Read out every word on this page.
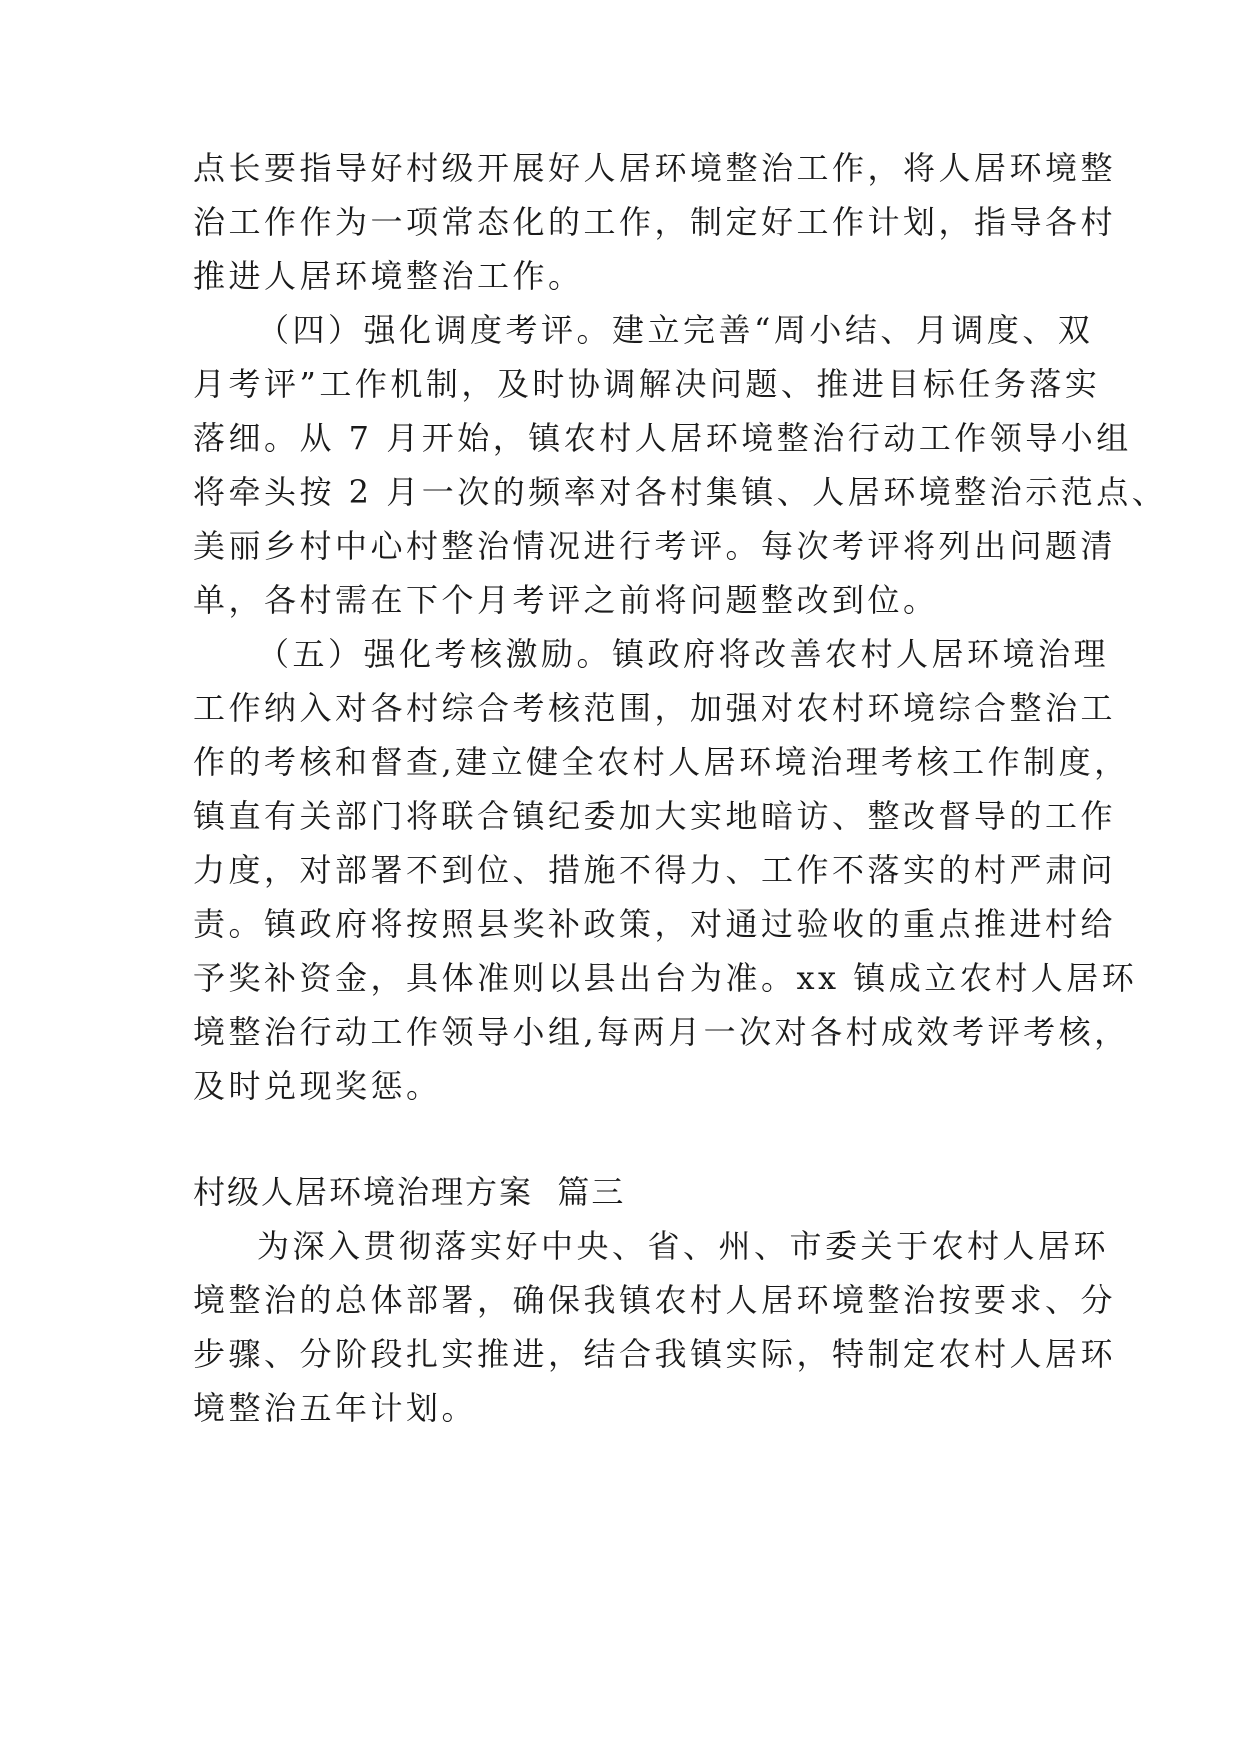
点长要指导好村级开展好人居环境整治工作，将人居环境整
治工作作为一项常态化的工作，制定好工作计划，指导各村
推进人居环境整治工作。
（四）强化调度考评。建立完善“周小结、月调度、双
月考评”工作机制，及时协调解决问题、推进目标任务落实
落细。从 7 月开始，镇农村人居环境整治行动工作领导小组
将牵头按 2 月一次的频率对各村集镇、人居环境整治示范点、
美丽乡村中心村整治情况进行考评。每次考评将列出问题清
单，各村需在下个月考评之前将问题整改到位。
（五）强化考核激励。镇政府将改善农村人居环境治理
工作纳入对各村综合考核范围，加强对农村环境综合整治工
作的考核和督查,建立健全农村人居环境治理考核工作制度，
镇直有关部门将联合镇纪委加大实地暗访、整改督导的工作
力度，对部署不到位、措施不得力、工作不落实的村严肃问
责。镇政府将按照县奖补政策，对通过验收的重点推进村给
予奖补资金，具体准则以县出台为准。xx 镇成立农村人居环
境整治行动工作领导小组,每两月一次对各村成效考评考核，
及时兑现奖惩。
村级人居环境治理方案  篇三
为深入贯彻落实好中央、省、州、市委关于农村人居环
境整治的总体部署，确保我镇农村人居环境整治按要求、分
步骤、分阶段扎实推进，结合我镇实际，特制定农村人居环
境整治五年计划。
